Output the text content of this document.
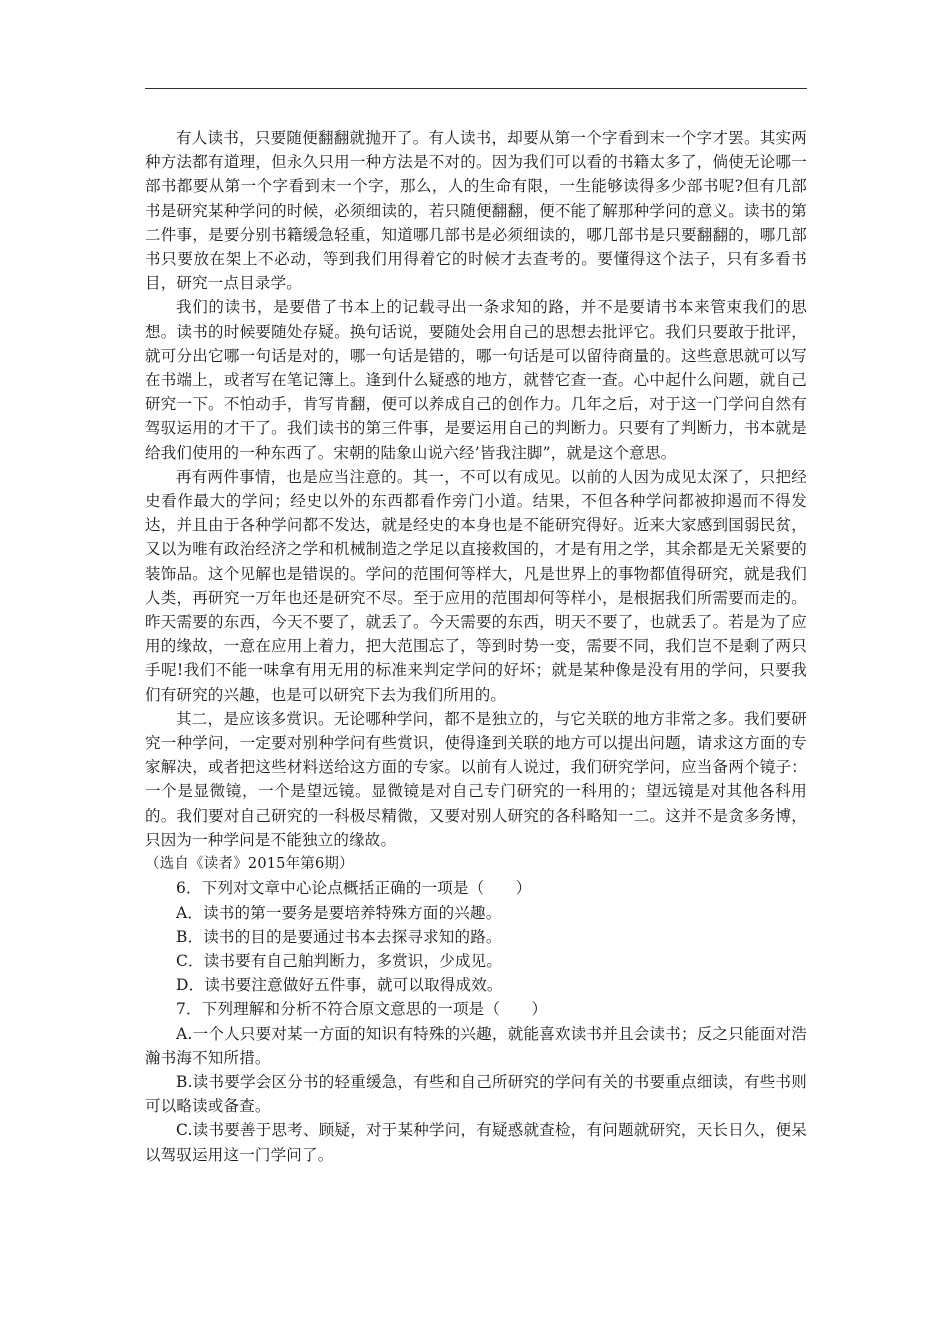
有人读书，只要随便翻翻就抛开了。有人读书，却要从第一个字看到末一个字才罢。其实两种方法都有道理，但永久只用一种方法是不对的。因为我们可以看的书籍太多了，倘使无论哪一部书都要从第一个字看到末一个字，那么，人的生命有限，一生能够读得多少部书呢?但有几部书是研究某种学问的时候，必须细读的，若只随便翻翻，便不能了解那种学问的意义。读书的第二件事，是要分别书籍缓急轻重，知道哪几部书是必须细读的，哪几部书是只要翻翻的，哪几部书只要放在架上不必动，等到我们用得着它的时候才去查考的。要懂得这个法子，只有多看书目，研究一点目录学。

我们的读书，是要借了书本上的记载寻出一条求知的路，并不是要请书本来管束我们的思想。读书的时候要随处存疑。换句话说，要随处会用自己的思想去批评它。我们只要敢于批评，就可分出它哪一句话是对的，哪一句话是错的，哪一句话是可以留待商量的。这些意思就可以写在书端上，或者写在笔记簿上。逢到什么疑惑的地方，就替它查一查。心中起什么问题，就自己研究一下。不怕动手，肯写肯翻，便可以养成自己的创作力。几年之后，对于这一门学问自然有驾驭运用的才干了。我们读书的第三件事，是要运用自己的判断力。只要有了判断力，书本就是给我们使用的一种东西了。宋朝的陆象山说六经’皆我注脚”，就是这个意思。

再有两件事情，也是应当注意的。其一，不可以有成见。以前的人因为成见太深了，只把经史看作最大的学问；经史以外的东西都看作旁门小道。结果，不但各种学问都被抑遏而不得发达，并且由于各种学问都不发达，就是经史的本身也是不能研究得好。近来大家感到国弱民贫，又以为唯有政治经济之学和机械制造之学足以直接救国的，才是有用之学，其余都是无关紧要的装饰品。这个见解也是错误的。学问的范围何等样大，凡是世界上的事物都值得研究，就是我们人类，再研究一万年也还是研究不尽。至于应用的范围却何等样小，是根据我们所需要而走的。昨天需要的东西，今天不要了，就丢了。今天需要的东西，明天不要了，也就丢了。若是为了应用的缘故，一意在应用上着力，把大范围忘了，等到时势一变，需要不同，我们岂不是剩了两只手呢!我们不能一味拿有用无用的标准来判定学问的好坏；就是某种像是没有用的学问，只要我们有研究的兴趣，也是可以研究下去为我们所用的。

其二，是应该多赏识。无论哪种学问，都不是独立的，与它关联的地方非常之多。我们要研究一种学问，一定要对别种学问有些赏识，使得逢到关联的地方可以提出问题，请求这方面的专家解决，或者把这些材料送给这方面的专家。以前有人说过，我们研究学问，应当备两个镜子：一个是显微镜，一个是望远镜。显微镜是对自己专门研究的一科用的；望远镜是对其他各科用的。我们要对自己研究的一科极尽精微，又要对别人研究的各科略知一二。这并不是贪多务博，只因为一种学问是不能独立的缘故。

（选自《读者》2015年第6期）

6．下列对文章中心论点概括正确的一项是（　　）

A．读书的第一要务是要培养特殊方面的兴趣。

B．读书的目的是要通过书本去探寻求知的路。

C．读书要有自己舶判断力，多赏识，少成见。

D．读书要注意做好五件事，就可以取得成效。

7．下列理解和分析不符合原文意思的一项是（　　）

A.一个人只要对某一方面的知识有特殊的兴趣，就能喜欢读书并且会读书；反之只能面对浩瀚书海不知所措。

B.读书要学会区分书的轻重缓急，有些和自己所研究的学问有关的书要重点细读，有些书则可以略读或备查。

C.读书要善于思考、顾疑，对于某种学问，有疑惑就查检，有问题就研究，天长日久，便呆以驾驭运用这一门学问了。
